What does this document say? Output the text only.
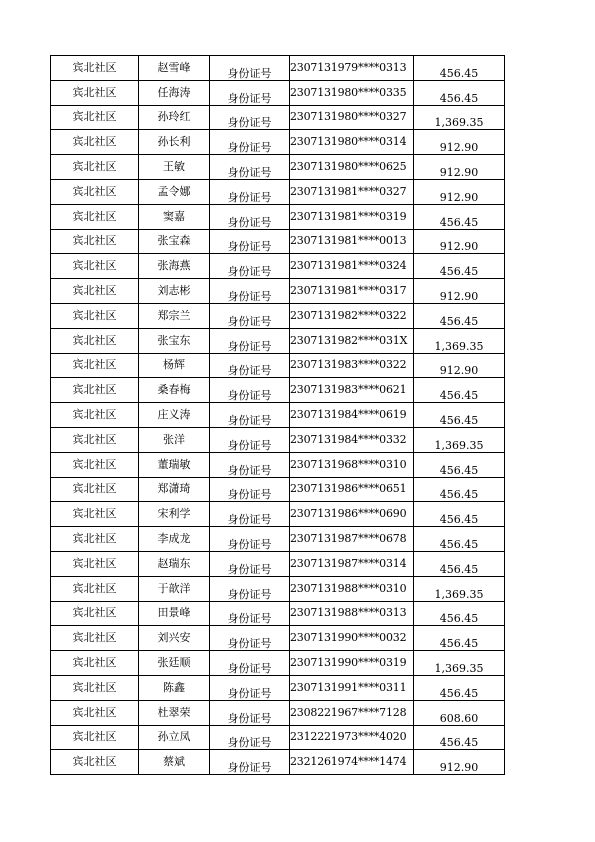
宾北社区	赵雪峰	身份证号	2307131979****0313	456.45
宾北社区	任海涛	身份证号	2307131980****0335	456.45
宾北社区	孙玲红	身份证号	2307131980****0327	1,369.35
宾北社区	孙长利	身份证号	2307131980****0314	912.90
宾北社区	王敏	身份证号	2307131980****0625	912.90
宾北社区	孟令娜	身份证号	2307131981****0327	912.90
宾北社区	窦嘉	身份证号	2307131981****0319	456.45
宾北社区	张宝森	身份证号	2307131981****0013	912.90
宾北社区	张海燕	身份证号	2307131981****0324	456.45
宾北社区	刘志彬	身份证号	2307131981****0317	912.90
宾北社区	郑宗兰	身份证号	2307131982****0322	456.45
宾北社区	张宝东	身份证号	2307131982****031X	1,369.35
宾北社区	杨辉	身份证号	2307131983****0322	912.90
宾北社区	桑春梅	身份证号	2307131983****0621	456.45
宾北社区	庄义涛	身份证号	2307131984****0619	456.45
宾北社区	张洋	身份证号	2307131984****0332	1,369.35
宾北社区	董瑞敏	身份证号	2307131968****0310	456.45
宾北社区	郑潇琦	身份证号	2307131986****0651	456.45
宾北社区	宋利学	身份证号	2307131986****0690	456.45
宾北社区	李成龙	身份证号	2307131987****0678	456.45
宾北社区	赵瑞东	身份证号	2307131987****0314	456.45
宾北社区	于歆洋	身份证号	2307131988****0310	1,369.35
宾北社区	田景峰	身份证号	2307131988****0313	456.45
宾北社区	刘兴安	身份证号	2307131990****0032	456.45
宾北社区	张廷顺	身份证号	2307131990****0319	1,369.35
宾北社区	陈鑫	身份证号	2307131991****0311	456.45
宾北社区	杜翠荣	身份证号	2308221967****7128	608.60
宾北社区	孙立凤	身份证号	2312221973****4020	456.45
宾北社区	蔡斌	身份证号	2321261974****1474	912.90
